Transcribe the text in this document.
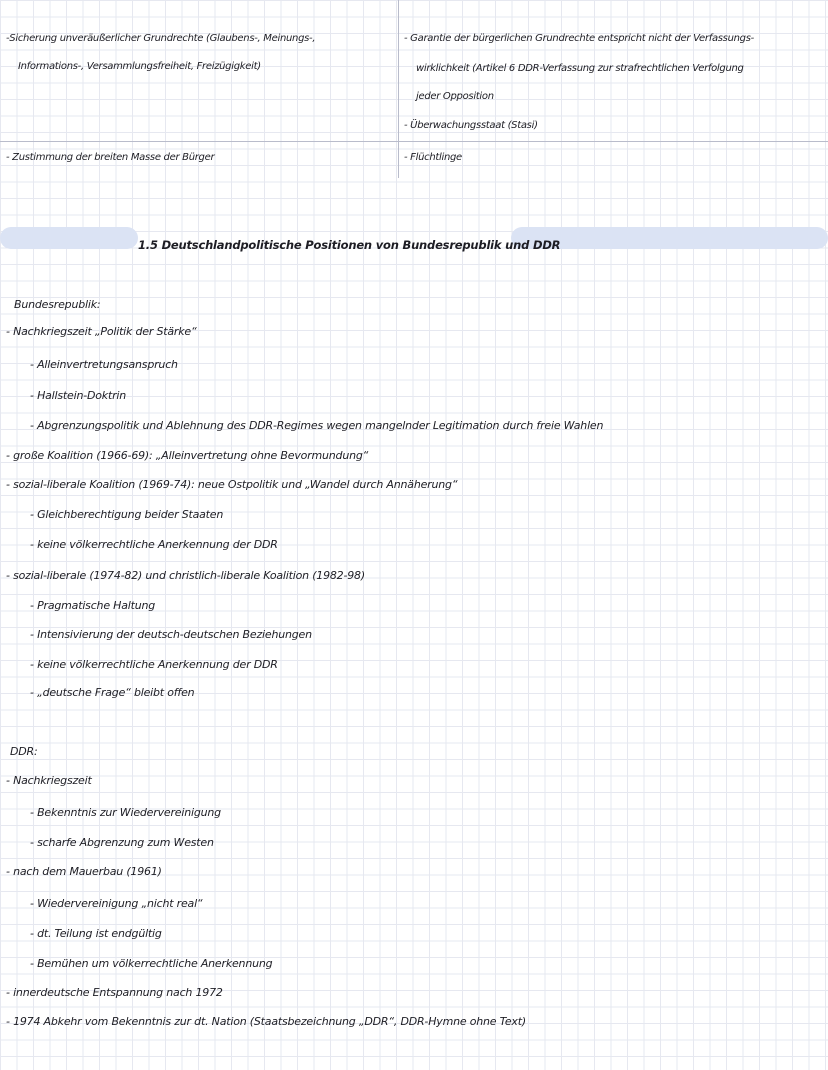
-Sicherung unveräußerlicher Grundrechte (Glaubens-, Meinungs-,
Informations-, Versammlungsfreiheit, Freizügigkeit)
- Garantie der bürgerlichen Grundrechte entspricht nicht der Verfassungs-
wirklichkeit (Artikel 6 DDR-Verfassung zur strafrechtlichen Verfolgung
jeder Opposition
- Überwachungsstaat (Stasi)
- Zustimmung der breiten Masse der Bürger	- Flüchtlinge
1.5 Deutschlandpolitische Positionen von Bundesrepublik und DDR
Bundesrepublik:
- Nachkriegszeit „Politik der Stärke“
- Alleinvertretungsanspruch
- Hallstein-Doktrin
- Abgrenzungspolitik und Ablehnung des DDR-Regimes wegen mangelnder Legitimation durch freie Wahlen
- große Koalition (1966-69): „Alleinvertretung ohne Bevormundung“
- sozial-liberale Koalition (1969-74): neue Ostpolitik und „Wandel durch Annäherung“
- Gleichberechtigung beider Staaten
- keine völkerrechtliche Anerkennung der DDR
- sozial-liberale (1974-82) und christlich-liberale Koalition (1982-98)
- Pragmatische Haltung
- Intensivierung der deutsch-deutschen Beziehungen
- keine völkerrechtliche Anerkennung der DDR
- „deutsche Frage“ bleibt offen
DDR:
- Nachkriegszeit
- Bekenntnis zur Wiedervereinigung
- scharfe Abgrenzung zum Westen
- nach dem Mauerbau (1961)
- Wiedervereinigung „nicht real“
- dt. Teilung ist endgültig
- Bemühen um völkerrechtliche Anerkennung
- innerdeutsche Entspannung nach 1972
- 1974 Abkehr vom Bekenntnis zur dt. Nation (Staatsbezeichnung „DDR“, DDR-Hymne ohne Text)
